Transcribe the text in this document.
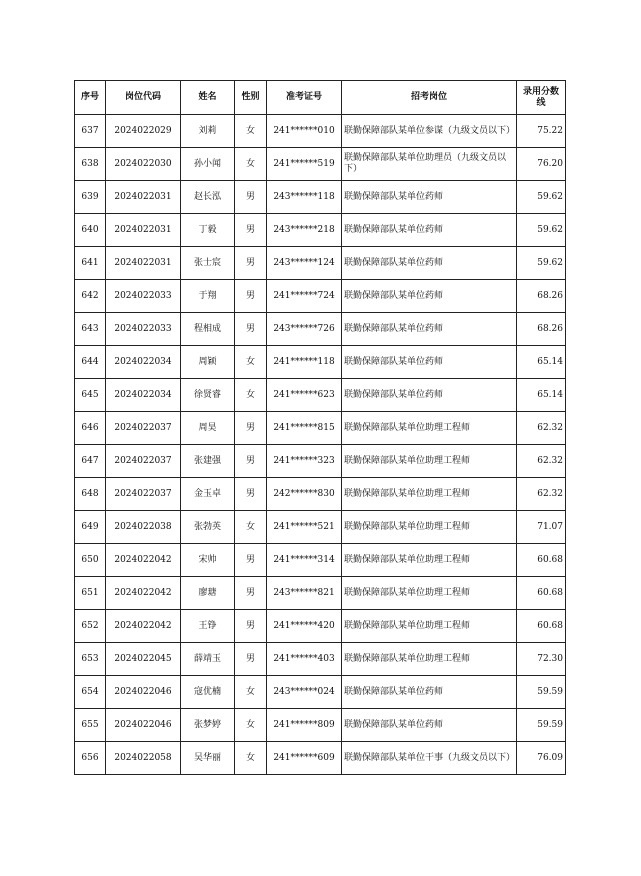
序号	岗位代码	姓名	性别	准考证号	招考岗位	录用分数线
637	2024022029	刘莉	女	241******010	联勤保障部队某单位参谋（九级文员以下）	75.22
638	2024022030	孙小闻	女	241******519	联勤保障部队某单位助理员（九级文员以下）	76.20
639	2024022031	赵长泓	男	243******118	联勤保障部队某单位药师	59.62
640	2024022031	丁毅	男	243******218	联勤保障部队某单位药师	59.62
641	2024022031	张士宸	男	243******124	联勤保障部队某单位药师	59.62
642	2024022033	于翔	男	241******724	联勤保障部队某单位药师	68.26
643	2024022033	程相成	男	243******726	联勤保障部队某单位药师	68.26
644	2024022034	周颖	女	241******118	联勤保障部队某单位药师	65.14
645	2024022034	徐贤睿	女	241******623	联勤保障部队某单位药师	65.14
646	2024022037	周昊	男	241******815	联勤保障部队某单位助理工程师	62.32
647	2024022037	张建强	男	241******323	联勤保障部队某单位助理工程师	62.32
648	2024022037	金玉卓	男	242******830	联勤保障部队某单位助理工程师	62.32
649	2024022038	张勃英	女	241******521	联勤保障部队某单位助理工程师	71.07
650	2024022042	宋帅	男	241******314	联勤保障部队某单位助理工程师	60.68
651	2024022042	廖瑭	男	243******821	联勤保障部队某单位助理工程师	60.68
652	2024022042	王铮	男	241******420	联勤保障部队某单位助理工程师	60.68
653	2024022045	薛靖玉	男	241******403	联勤保障部队某单位助理工程师	72.30
654	2024022046	寇优楠	女	243******024	联勤保障部队某单位药师	59.59
655	2024022046	张梦婷	女	241******809	联勤保障部队某单位药师	59.59
656	2024022058	吴华丽	女	241******609	联勤保障部队某单位干事（九级文员以下）	76.09
